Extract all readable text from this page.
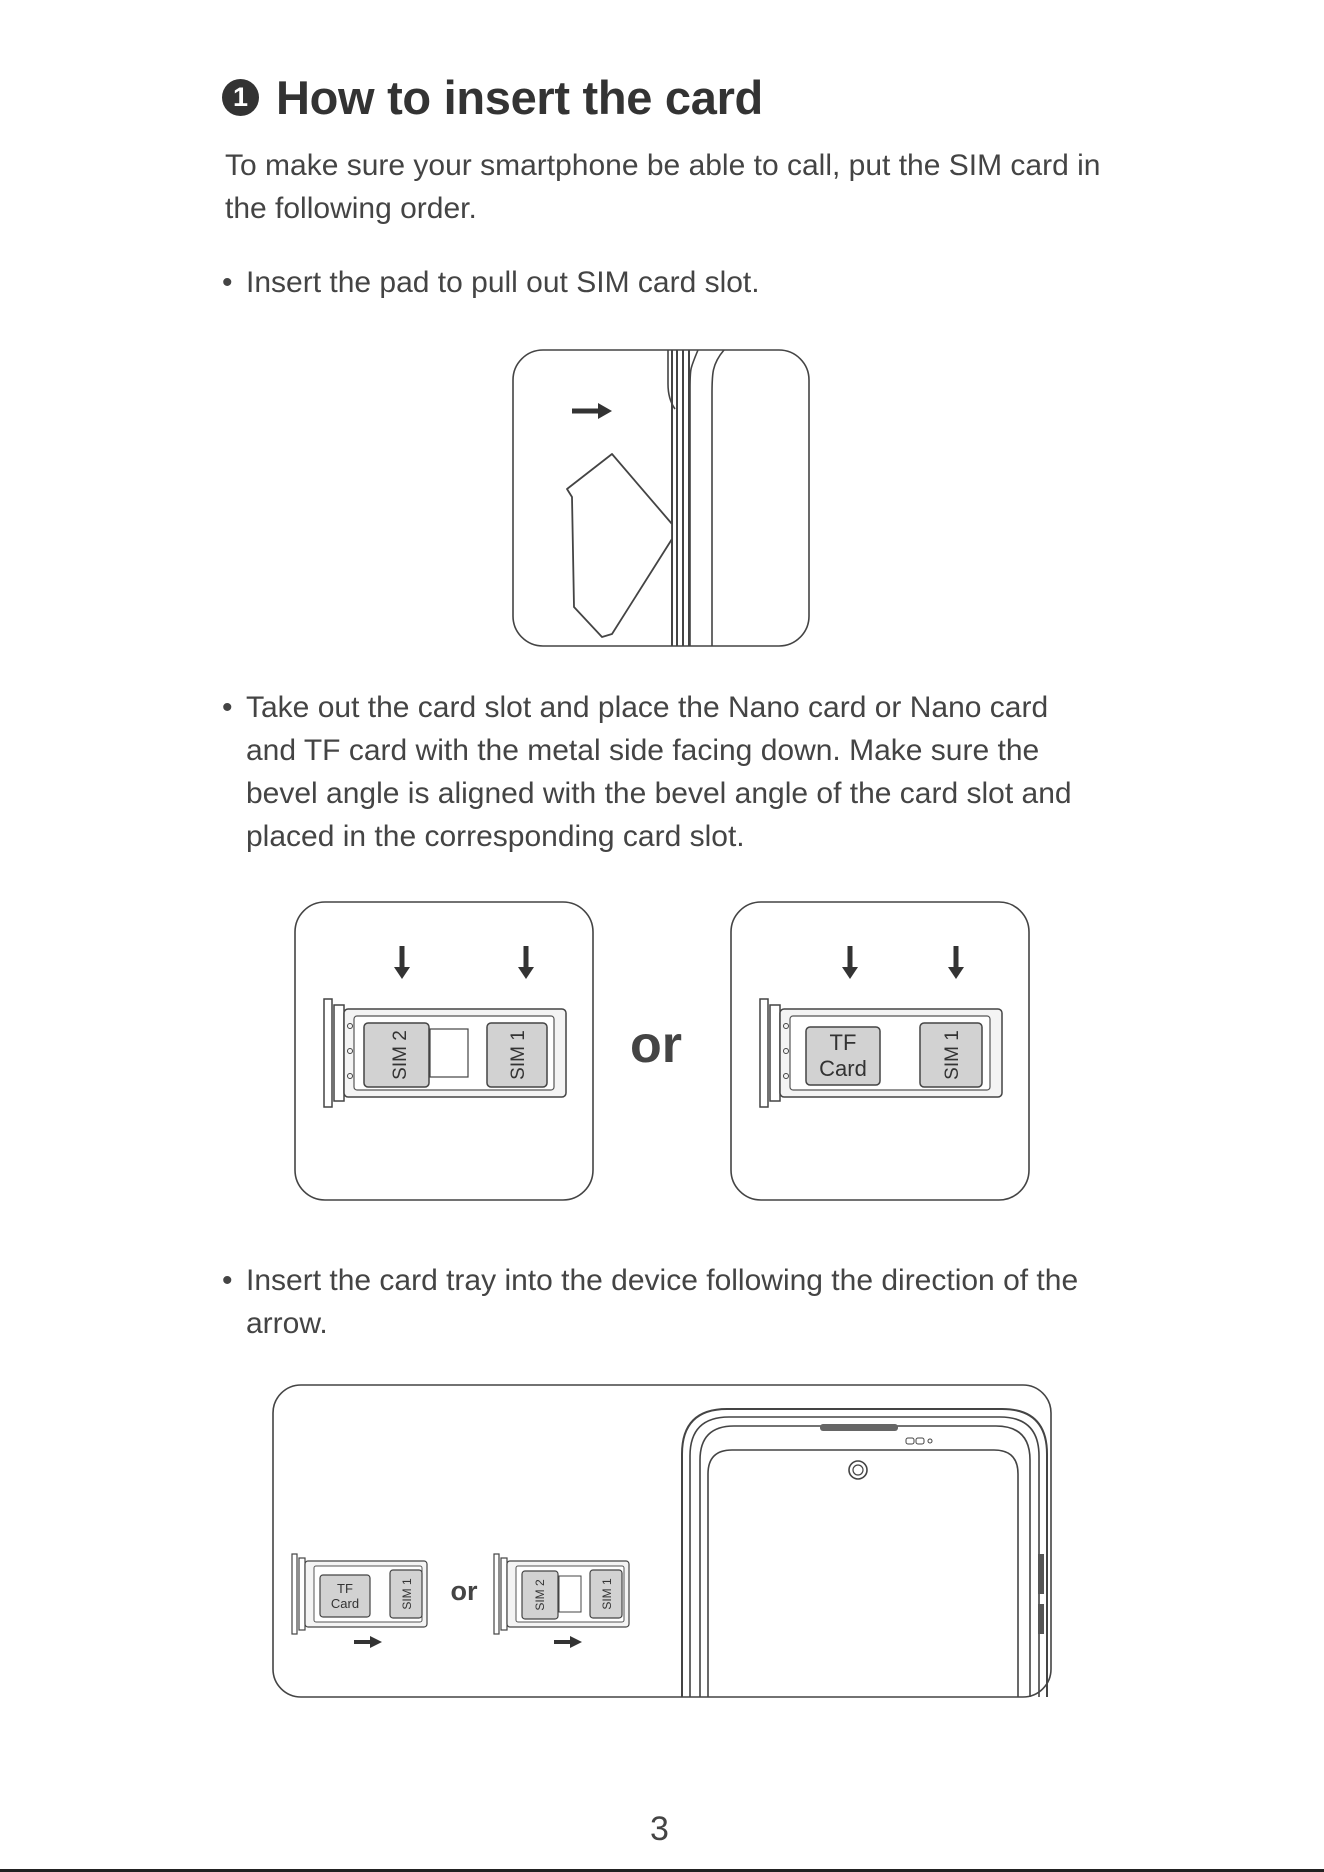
1 How to insert the card
To make sure your smartphone be able to call, put the SIM card in the following order.
• Insert the pad to pull out SIM card slot.
• Take out the card slot and place the Nano card or Nano card and TF card with the metal side facing down. Make sure the bevel angle is aligned with the bevel angle of the card slot and placed in the corresponding card slot.
SIM 2	SIM 1 or	TF
Card	SIM 1
• Insert the card tray into the device following the direction of the arrow.
TF
Card	SIM 1 or	SIM 2	SIM 1
3
